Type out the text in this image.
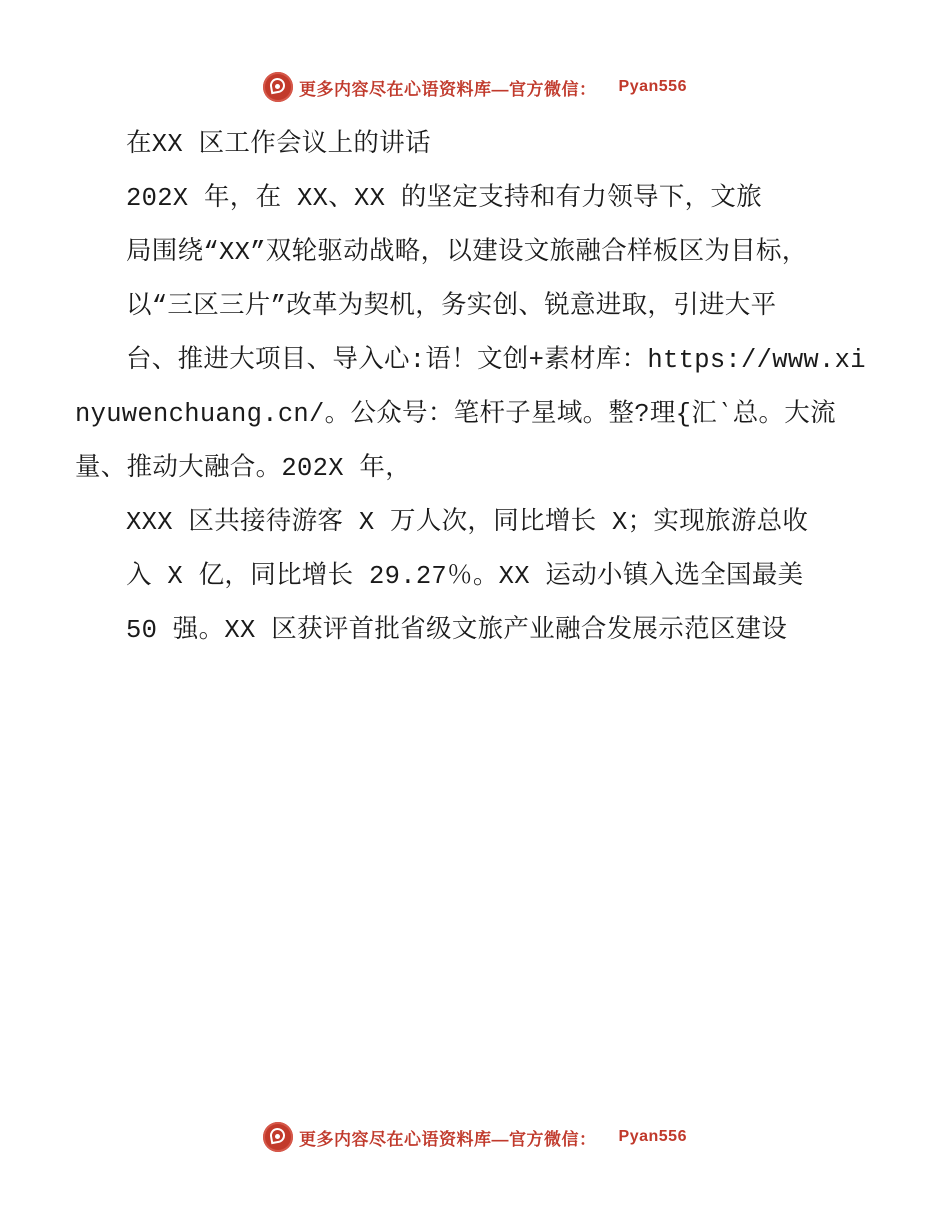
更多内容尽在心语资料库—官方微信： Pyan556

在XX 区工作会议上的讲话

202X 年，在 XX、XX 的坚定支持和有力领导下，文旅

局围绕“XX”双轮驱动战略，以建设文旅融合样板区为目标，

以“三区三片”改革为契机，务实创、锐意进取，引进大平

台、推进大项目、导入心:语！文创+素材库：https://www.xinyuwenchuang.cn/。公众号：笔杆子星域。整?理{汇‵总。大流量、推动大融合。202X 年，

XXX 区共接待游客 X 万人次，同比增长 X；实现旅游总收

入 X 亿，同比增长 29.27％。XX 运动小镇入选全国最美

50 强。XX 区获评首批省级文旅产业融合发展示范区建设

更多内容尽在心语资料库—官方微信： Pyan556
